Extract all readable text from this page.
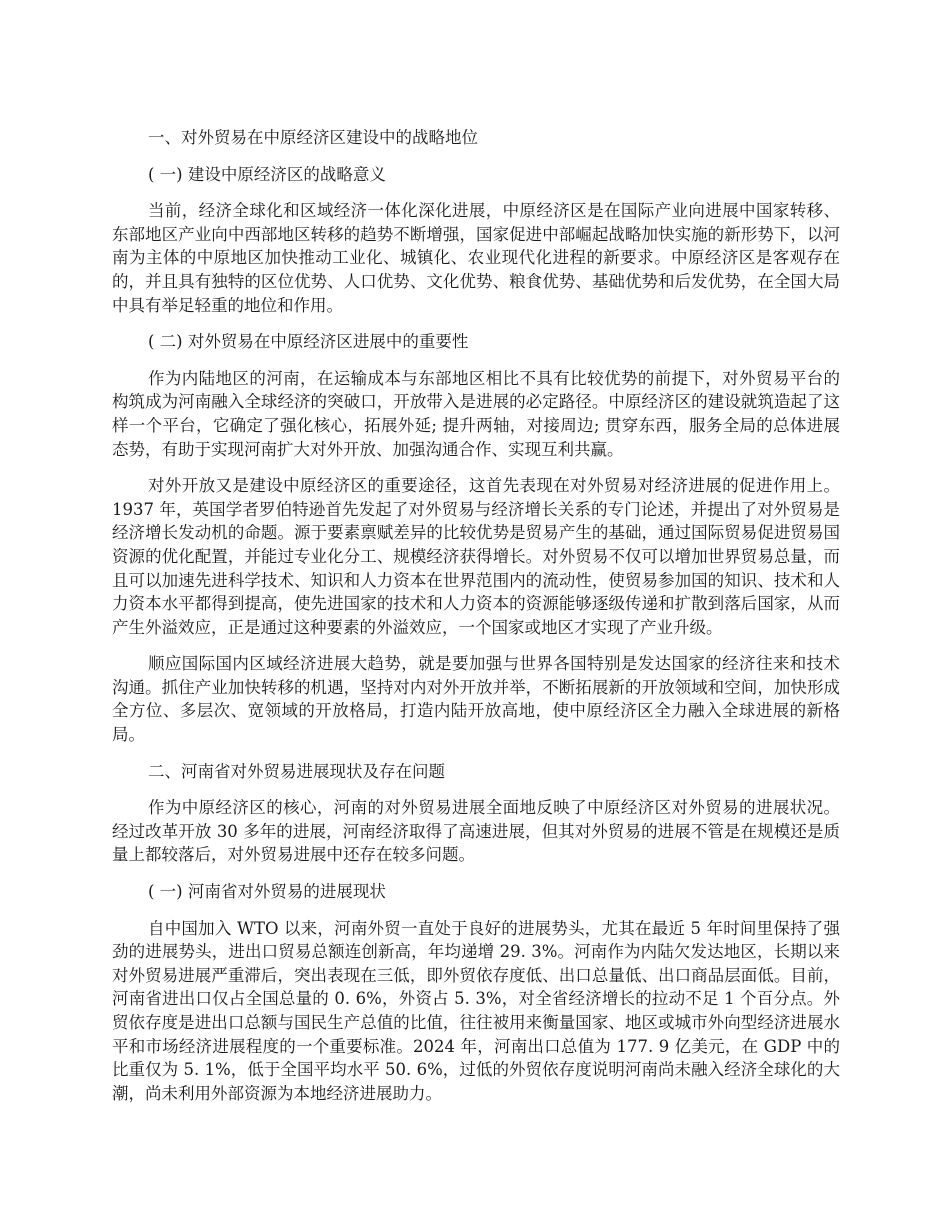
一、对外贸易在中原经济区建设中的战略地位

( 一) 建设中原经济区的战略意义

当前，经济全球化和区域经济一体化深化进展，中原经济区是在国际产业向进展中国家转移、东部地区产业向中西部地区转移的趋势不断增强，国家促进中部崛起战略加快实施的新形势下，以河南为主体的中原地区加快推动工业化、城镇化、农业现代化进程的新要求。中原经济区是客观存在的，并且具有独特的区位优势、人口优势、文化优势、粮食优势、基础优势和后发优势，在全国大局中具有举足轻重的地位和作用。

( 二) 对外贸易在中原经济区进展中的重要性

作为内陆地区的河南，在运输成本与东部地区相比不具有比较优势的前提下，对外贸易平台的构筑成为河南融入全球经济的突破口，开放带入是进展的必定路径。中原经济区的建设就筑造起了这样一个平台，它确定了强化核心，拓展外延; 提升两轴，对接周边; 贯穿东西，服务全局的总体进展态势，有助于实现河南扩大对外开放、加强沟通合作、实现互利共赢。

对外开放又是建设中原经济区的重要途径，这首先表现在对外贸易对经济进展的促进作用上。1937 年，英国学者罗伯特逊首先发起了对外贸易与经济增长关系的专门论述，并提出了对外贸易是经济增长发动机的命题。源于要素禀赋差异的比较优势是贸易产生的基础，通过国际贸易促进贸易国资源的优化配置，并能过专业化分工、规模经济获得增长。对外贸易不仅可以增加世界贸易总量，而且可以加速先进科学技术、知识和人力资本在世界范围内的流动性，使贸易参加国的知识、技术和人力资本水平都得到提高，使先进国家的技术和人力资本的资源能够逐级传递和扩散到落后国家，从而产生外溢效应，正是通过这种要素的外溢效应，一个国家或地区才实现了产业升级。

顺应国际国内区域经济进展大趋势，就是要加强与世界各国特别是发达国家的经济往来和技术沟通。抓住产业加快转移的机遇，坚持对内对外开放并举，不断拓展新的开放领域和空间，加快形成全方位、多层次、宽领域的开放格局，打造内陆开放高地，使中原经济区全力融入全球进展的新格局。

二、河南省对外贸易进展现状及存在问题

作为中原经济区的核心，河南的对外贸易进展全面地反映了中原经济区对外贸易的进展状况。经过改革开放 30 多年的进展，河南经济取得了高速进展，但其对外贸易的进展不管是在规模还是质量上都较落后，对外贸易进展中还存在较多问题。

( 一) 河南省对外贸易的进展现状

自中国加入 WTO 以来，河南外贸一直处于良好的进展势头，尤其在最近 5 年时间里保持了强劲的进展势头，进出口贸易总额连创新高，年均递增 29. 3%。河南作为内陆欠发达地区，长期以来对外贸易进展严重滞后，突出表现在三低，即外贸依存度低、出口总量低、出口商品层面低。目前，河南省进出口仅占全国总量的 0. 6%，外资占 5. 3%，对全省经济增长的拉动不足 1 个百分点。外贸依存度是进出口总额与国民生产总值的比值，往往被用来衡量国家、地区或城市外向型经济进展水平和市场经济进展程度的一个重要标准。2024 年，河南出口总值为 177. 9 亿美元，在 GDP 中的比重仅为 5. 1%，低于全国平均水平 50. 6%，过低的外贸依存度说明河南尚未融入经济全球化的大潮，尚未利用外部资源为本地经济进展助力。
